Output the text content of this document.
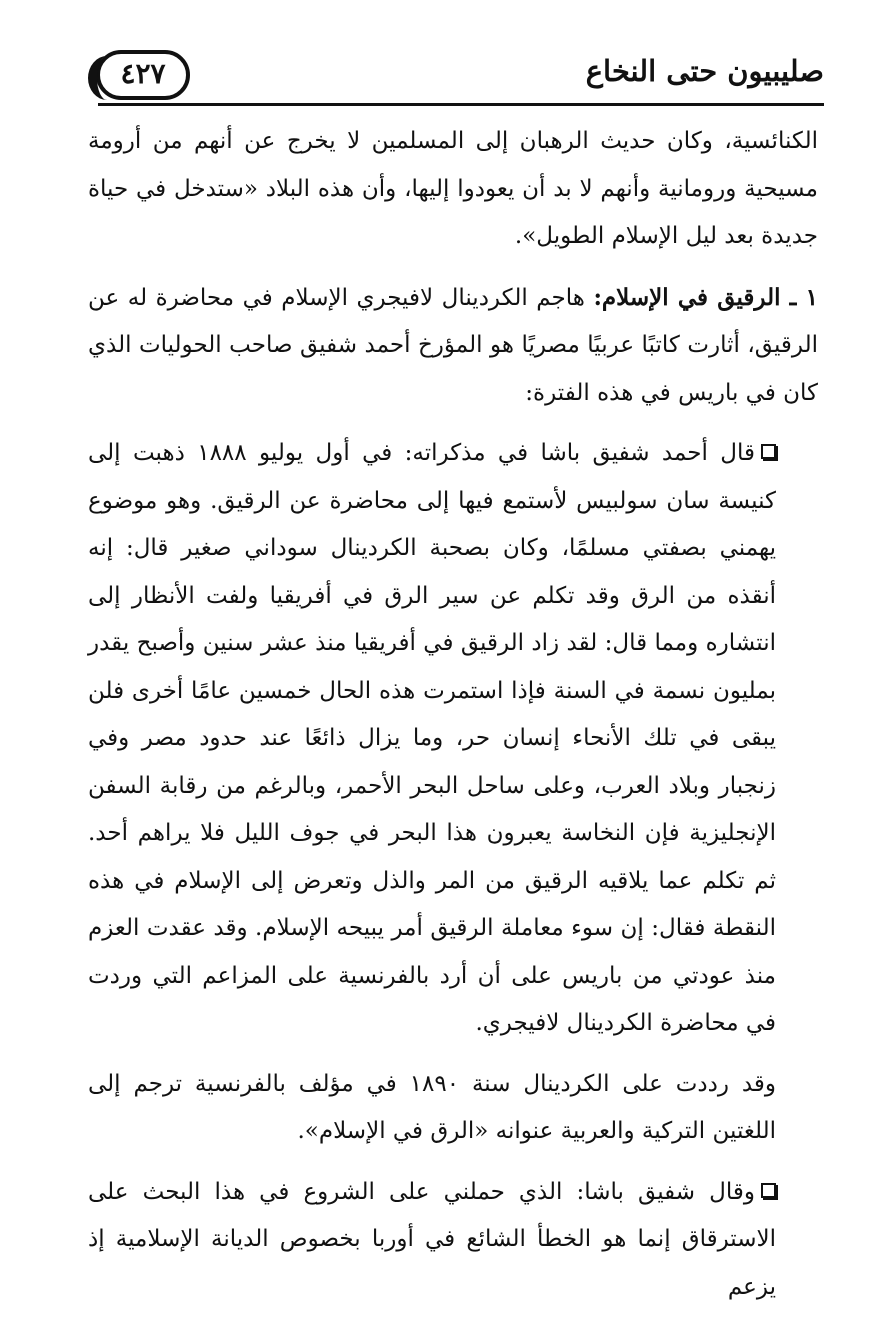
صليبيون حتى النخاع
٤٢٧

الكنائسية، وكان حديث الرهبان إلى المسلمين لا يخرج عن أنهم من أرومة مسيحية ورومانية وأنهم لا بد أن يعودوا إليها، وأن هذه البلاد «ستدخل في حياة جديدة بعد ليل الإسلام الطويل».

١ ـ الرقيق في الإسلام: هاجم الكردينال لافيجري الإسلام في محاضرة له عن الرقيق، أثارت كاتبًا عربيًا مصريًا هو المؤرخ أحمد شفيق صاحب الحوليات الذي كان في باريس في هذه الفترة:

قال أحمد شفيق باشا في مذكراته: في أول يوليو ١٨٨٨ ذهبت إلى كنيسة سان سولبيس لأستمع فيها إلى محاضرة عن الرقيق. وهو موضوع يهمني بصفتي مسلمًا، وكان بصحبة الكردينال سوداني صغير قال: إنه أنقذه من الرق وقد تكلم عن سير الرق في أفريقيا ولفت الأنظار إلى انتشاره ومما قال: لقد زاد الرقيق في أفريقيا منذ عشر سنين وأصبح يقدر بمليون نسمة في السنة فإذا استمرت هذه الحال خمسين عامًا أخرى فلن يبقى في تلك الأنحاء إنسان حر، وما يزال ذائعًا عند حدود مصر وفي زنجبار وبلاد العرب، وعلى ساحل البحر الأحمر، وبالرغم من رقابة السفن الإنجليزية فإن النخاسة يعبرون هذا البحر في جوف الليل فلا يراهم أحد. ثم تكلم عما يلاقيه الرقيق من المر والذل وتعرض إلى الإسلام في هذه النقطة فقال: إن سوء معاملة الرقيق أمر يبيحه الإسلام. وقد عقدت العزم منذ عودتي من باريس على أن أرد بالفرنسية على المزاعم التي وردت في محاضرة الكردينال لافيجري.

وقد رددت على الكردينال سنة ١٨٩٠ في مؤلف بالفرنسية ترجم إلى اللغتين التركية والعربية عنوانه «الرق في الإسلام».

وقال شفيق باشا: الذي حملني على الشروع في هذا البحث على الاسترقاق إنما هو الخطأ الشائع في أوربا بخصوص الديانة الإسلامية إذ يزعم
